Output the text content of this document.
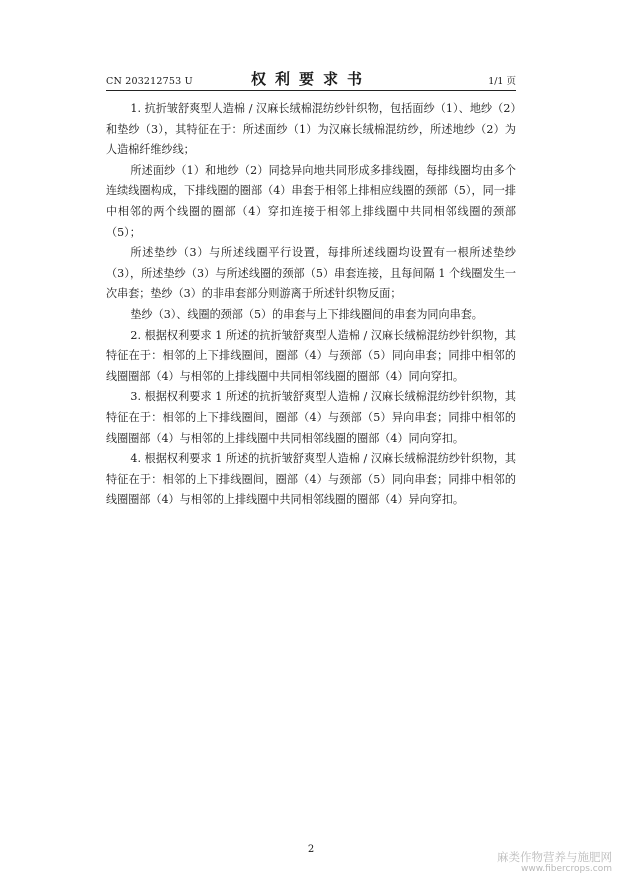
CN 203212753 U	权利要求书	1/1 页

1. 抗折皱舒爽型人造棉 / 汉麻长绒棉混纺纱针织物，包括面纱（1）、地纱（2）和垫纱（3），其特征在于：所述面纱（1）为汉麻长绒棉混纺纱，所述地纱（2）为人造棉纤维纱线；

所述面纱（1）和地纱（2）同捻异向地共同形成多排线圈，每排线圈均由多个连续线圈构成，下排线圈的圈部（4）串套于相邻上排相应线圈的颈部（5），同一排中相邻的两个线圈的圈部（4）穿扣连接于相邻上排线圈中共同相邻线圈的颈部（5）；

所述垫纱（3）与所述线圈平行设置，每排所述线圈均设置有一根所述垫纱（3），所述垫纱（3）与所述线圈的颈部（5）串套连接，且每间隔 1 个线圈发生一次串套；垫纱（3）的非串套部分则游离于所述针织物反面；

垫纱（3）、线圈的颈部（5）的串套与上下排线圈间的串套为同向串套。

2. 根据权利要求 1 所述的抗折皱舒爽型人造棉 / 汉麻长绒棉混纺纱针织物，其特征在于：相邻的上下排线圈间，圈部（4）与颈部（5）同向串套；同排中相邻的线圈圈部（4）与相邻的上排线圈中共同相邻线圈的圈部（4）同向穿扣。

3. 根据权利要求 1 所述的抗折皱舒爽型人造棉 / 汉麻长绒棉混纺纱针织物，其特征在于：相邻的上下排线圈间，圈部（4）与颈部（5）异向串套；同排中相邻的线圈圈部（4）与相邻的上排线圈中共同相邻线圈的圈部（4）同向穿扣。

4. 根据权利要求 1 所述的抗折皱舒爽型人造棉 / 汉麻长绒棉混纺纱针织物，其特征在于：相邻的上下排线圈间，圈部（4）与颈部（5）同向串套；同排中相邻的线圈圈部（4）与相邻的上排线圈中共同相邻线圈的圈部（4）异向穿扣。

2
麻类作物营养与施肥网
www.fibercrops.com
